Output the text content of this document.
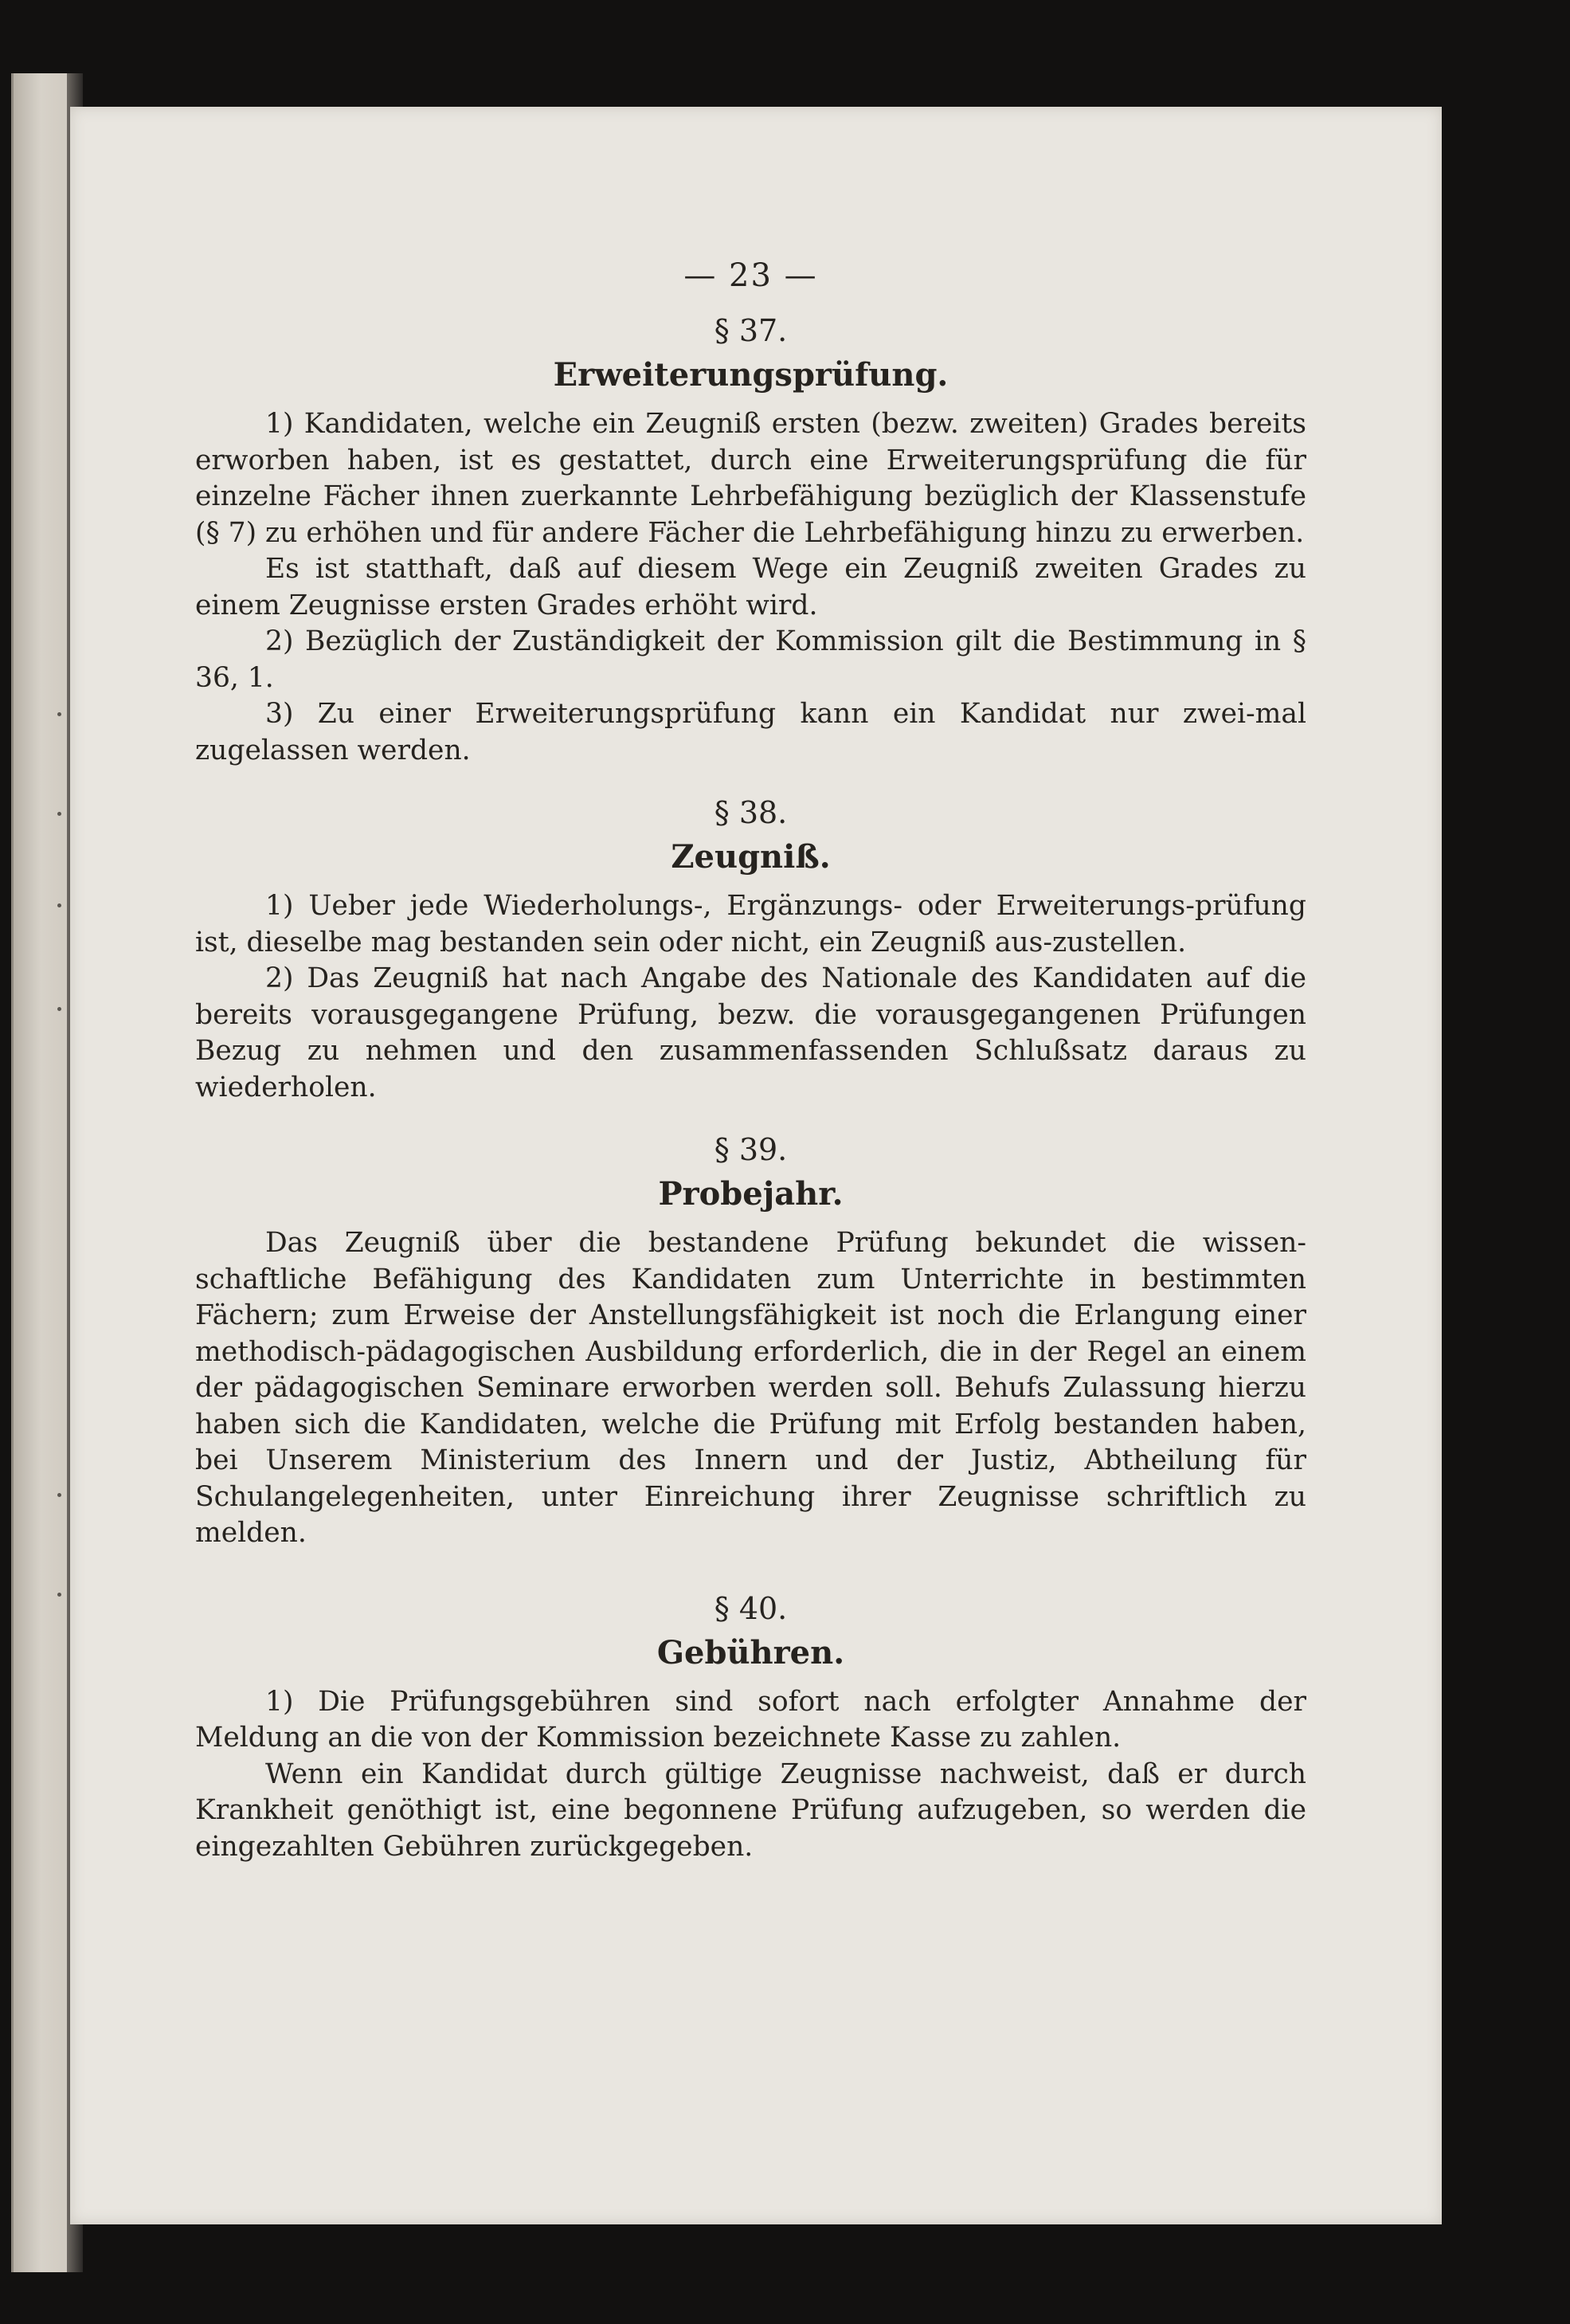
— 23 —
§ 37.
Erweiterungsprüfung.

1) Kandidaten, welche ein Zeugniß ersten (bezw. zweiten) Grades bereits erworben haben, ist es gestattet, durch eine Erweiterungsprüfung die für einzelne Fächer ihnen zuerkannte Lehrbefähigung bezüglich der Klassenstufe (§ 7) zu erhöhen und für andere Fächer die Lehrbefähigung hinzu zu erwerben.

Es ist statthaft, daß auf diesem Wege ein Zeugniß zweiten Grades zu einem Zeugnisse ersten Grades erhöht wird.

2) Bezüglich der Zuständigkeit der Kommission gilt die Bestimmung in § 36, 1.

3) Zu einer Erweiterungsprüfung kann ein Kandidat nur zwei-mal zugelassen werden.

§ 38.
Zeugniß.

1) Ueber jede Wiederholungs-, Ergänzungs- oder Erweiterungs-prüfung ist, dieselbe mag bestanden sein oder nicht, ein Zeugniß aus-zustellen.

2) Das Zeugniß hat nach Angabe des Nationale des Kandidaten auf die bereits vorausgegangene Prüfung, bezw. die vorausgegangenen Prüfungen Bezug zu nehmen und den zusammenfassenden Schlußsatz daraus zu wiederholen.

§ 39.
Probejahr.

Das Zeugniß über die bestandene Prüfung bekundet die wissen-schaftliche Befähigung des Kandidaten zum Unterrichte in bestimmten Fächern; zum Erweise der Anstellungsfähigkeit ist noch die Erlangung einer methodisch-pädagogischen Ausbildung erforderlich, die in der Regel an einem der pädagogischen Seminare erworben werden soll. Behufs Zulassung hierzu haben sich die Kandidaten, welche die Prüfung mit Erfolg bestanden haben, bei Unserem Ministerium des Innern und der Justiz, Abtheilung für Schulangelegenheiten, unter Einreichung ihrer Zeugnisse schriftlich zu melden.

§ 40.
Gebühren.

1) Die Prüfungsgebühren sind sofort nach erfolgter Annahme der Meldung an die von der Kommission bezeichnete Kasse zu zahlen.

Wenn ein Kandidat durch gültige Zeugnisse nachweist, daß er durch Krankheit genöthigt ist, eine begonnene Prüfung aufzugeben, so werden die eingezahlten Gebühren zurückgegeben.
